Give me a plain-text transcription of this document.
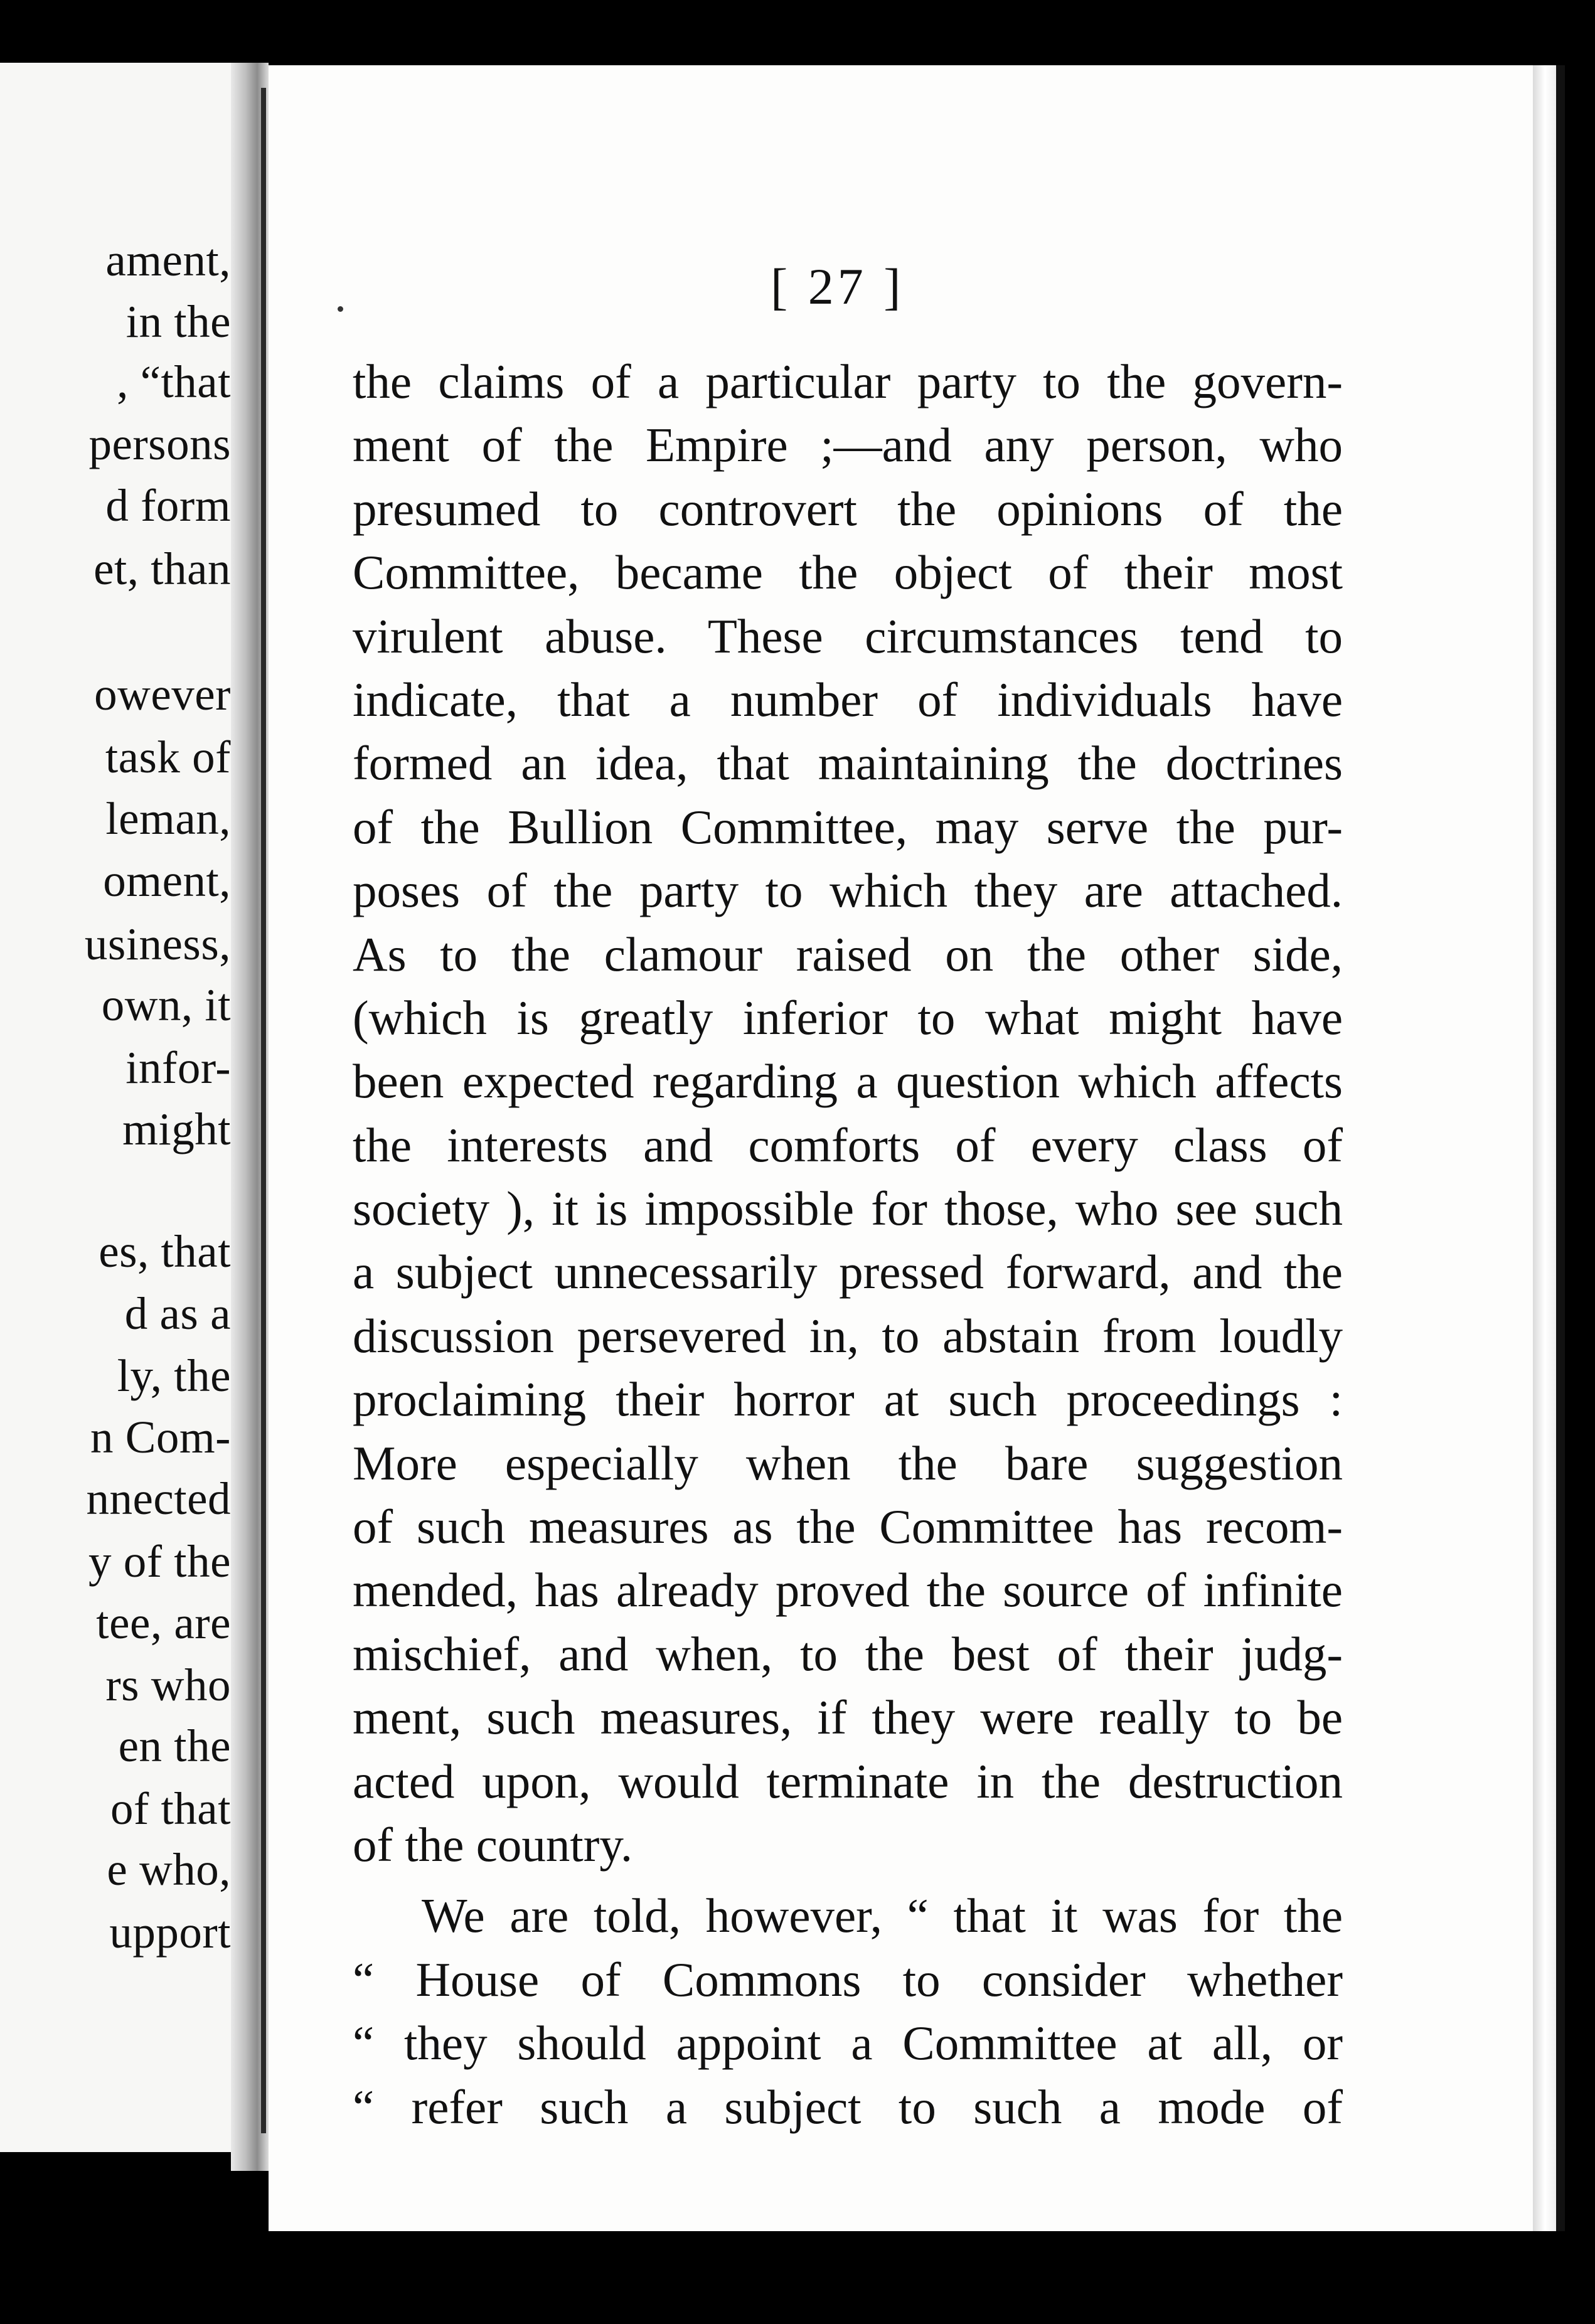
ament,
in the
, “that
persons
d form
et, than
owever
task of
leman,
oment,
usiness,
own, it
infor-
might
es, that
d as a
ly, the
n Com-
nnected
y of the
tee, are
rs who
en the
of that
e who,
upport
[ 27 ]
the claims of a particular party to the govern-
ment of the Empire ;—and any person, who
presumed to controvert the opinions of the
Committee, became the object of their most
virulent abuse. These circumstances tend to
indicate, that a number of individuals have
formed an idea, that maintaining the doctrines
of the Bullion Committee, may serve the pur-
poses of the party to which they are attached.
As to the clamour raised on the other side,
(which is greatly inferior to what might have
been expected regarding a question which affects
the interests and comforts of every class of
society ), it is impossible for those, who see such
a subject unnecessarily pressed forward, and the
discussion persevered in, to abstain from loudly
proclaiming their horror at such proceedings :
More especially when the bare suggestion
of such measures as the Committee has recom-
mended, has already proved the source of infinite
mischief, and when, to the best of their judg-
ment, such measures, if they were really to be
acted upon, would terminate in the destruction
of the country.
We are told, however, “ that it was for the
“ House of Commons to consider whether
“ they should appoint a Committee at all, or
“ refer such a subject to such a mode of
